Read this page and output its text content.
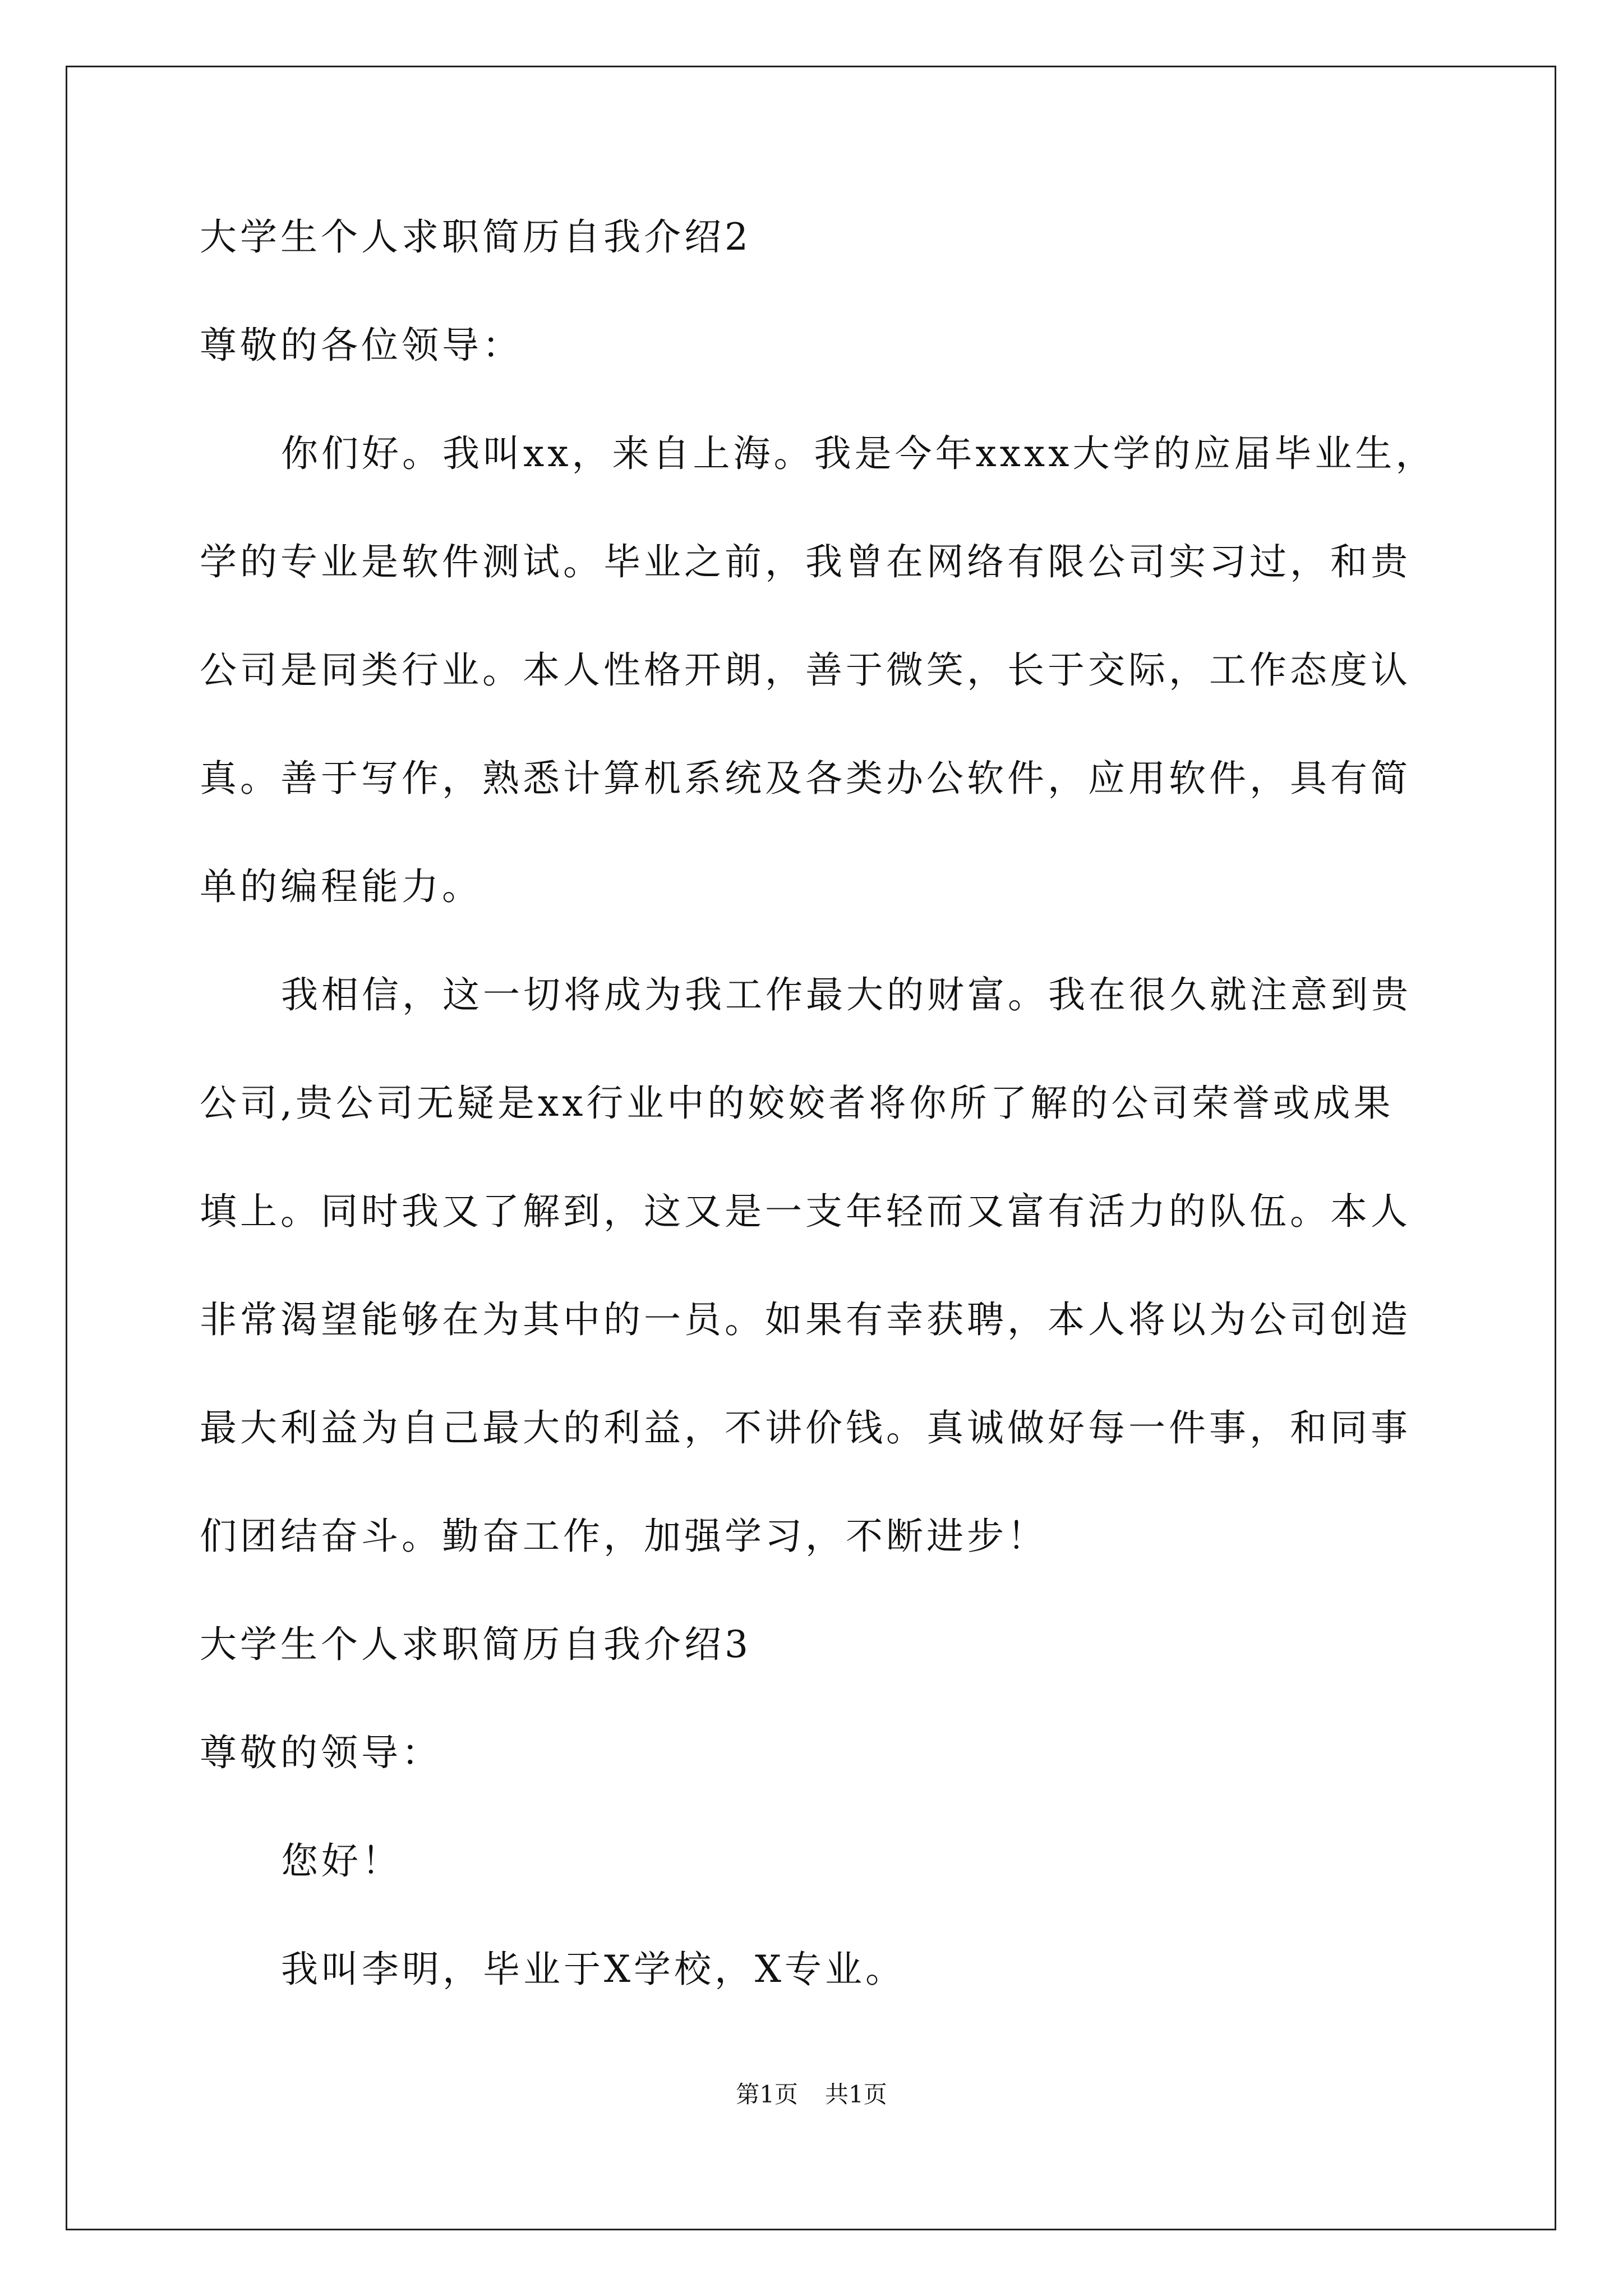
大学生个人求职简历自我介绍2

尊敬的各位领导：

你们好。我叫xx，来自上海。我是今年xxxx大学的应届毕业生，

学的专业是软件测试。毕业之前，我曾在网络有限公司实习过，和贵

公司是同类行业。本人性格开朗，善于微笑，长于交际，工作态度认

真。善于写作，熟悉计算机系统及各类办公软件，应用软件，具有简

单的编程能力。

我相信，这一切将成为我工作最大的财富。我在很久就注意到贵

公司,贵公司无疑是xx行业中的姣姣者将你所了解的公司荣誉或成果

填上。同时我又了解到，这又是一支年轻而又富有活力的队伍。本人

非常渴望能够在为其中的一员。如果有幸获聘，本人将以为公司创造

最大利益为自己最大的利益，不讲价钱。真诚做好每一件事，和同事

们团结奋斗。勤奋工作，加强学习，不断进步！

大学生个人求职简历自我介绍3

尊敬的领导：

您好！

我叫李明，毕业于X学校，X专业。

第1页 共1页
